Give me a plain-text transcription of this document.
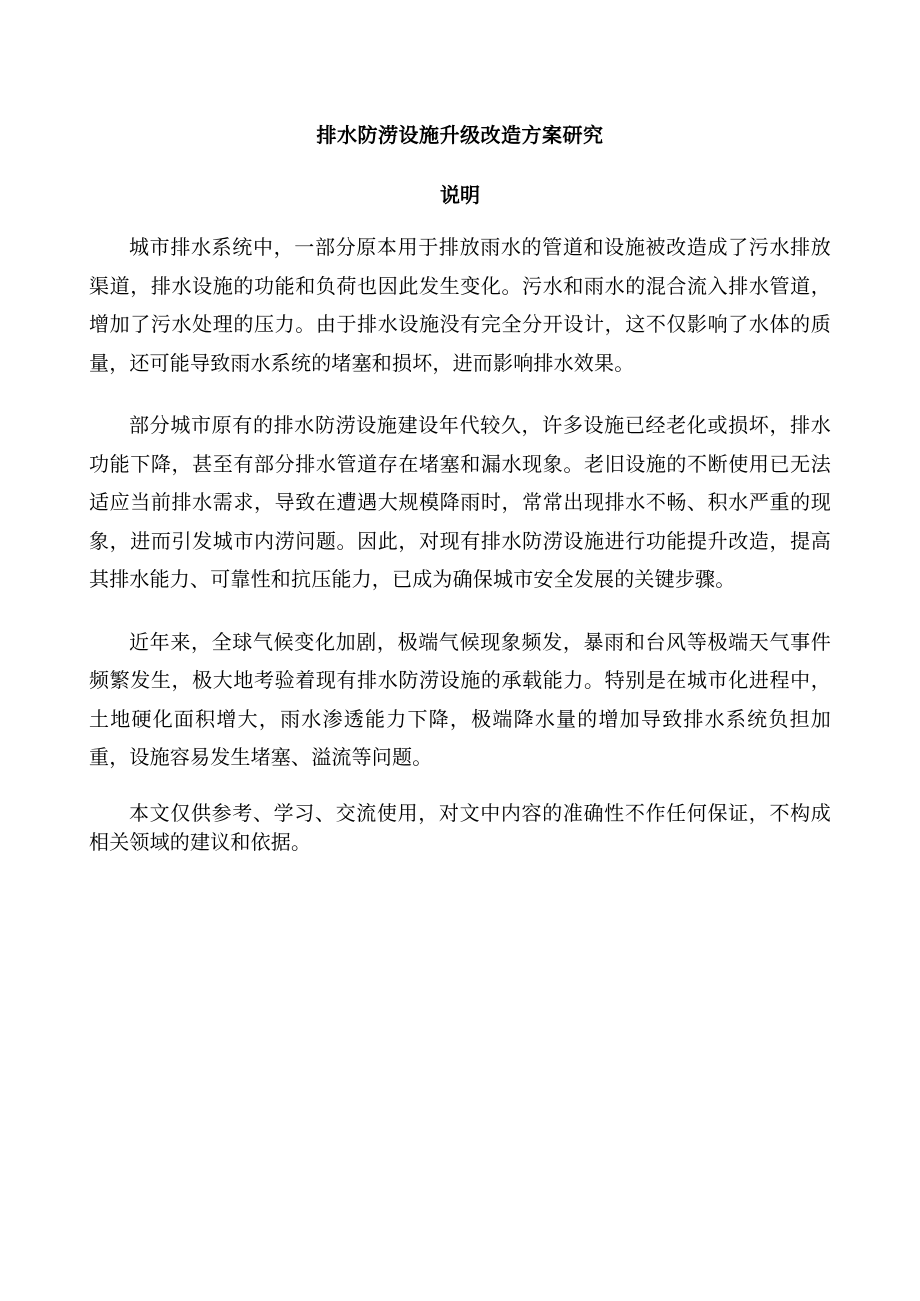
排水防涝设施升级改造方案研究
说明

城市排水系统中，一部分原本用于排放雨水的管道和设施被改造成了污水排放渠道，排水设施的功能和负荷也因此发生变化。污水和雨水的混合流入排水管道，增加了污水处理的压力。由于排水设施没有完全分开设计，这不仅影响了水体的质量，还可能导致雨水系统的堵塞和损坏，进而影响排水效果。

部分城市原有的排水防涝设施建设年代较久，许多设施已经老化或损坏，排水功能下降，甚至有部分排水管道存在堵塞和漏水现象。老旧设施的不断使用已无法适应当前排水需求，导致在遭遇大规模降雨时，常常出现排水不畅、积水严重的现象，进而引发城市内涝问题。因此，对现有排水防涝设施进行功能提升改造，提高其排水能力、可靠性和抗压能力，已成为确保城市安全发展的关键步骤。

近年来，全球气候变化加剧，极端气候现象频发，暴雨和台风等极端天气事件频繁发生，极大地考验着现有排水防涝设施的承载能力。特别是在城市化进程中，土地硬化面积增大，雨水渗透能力下降，极端降水量的增加导致排水系统负担加重，设施容易发生堵塞、溢流等问题。

本文仅供参考、学习、交流使用，对文中内容的准确性不作任何保证，不构成相关领域的建议和依据。
